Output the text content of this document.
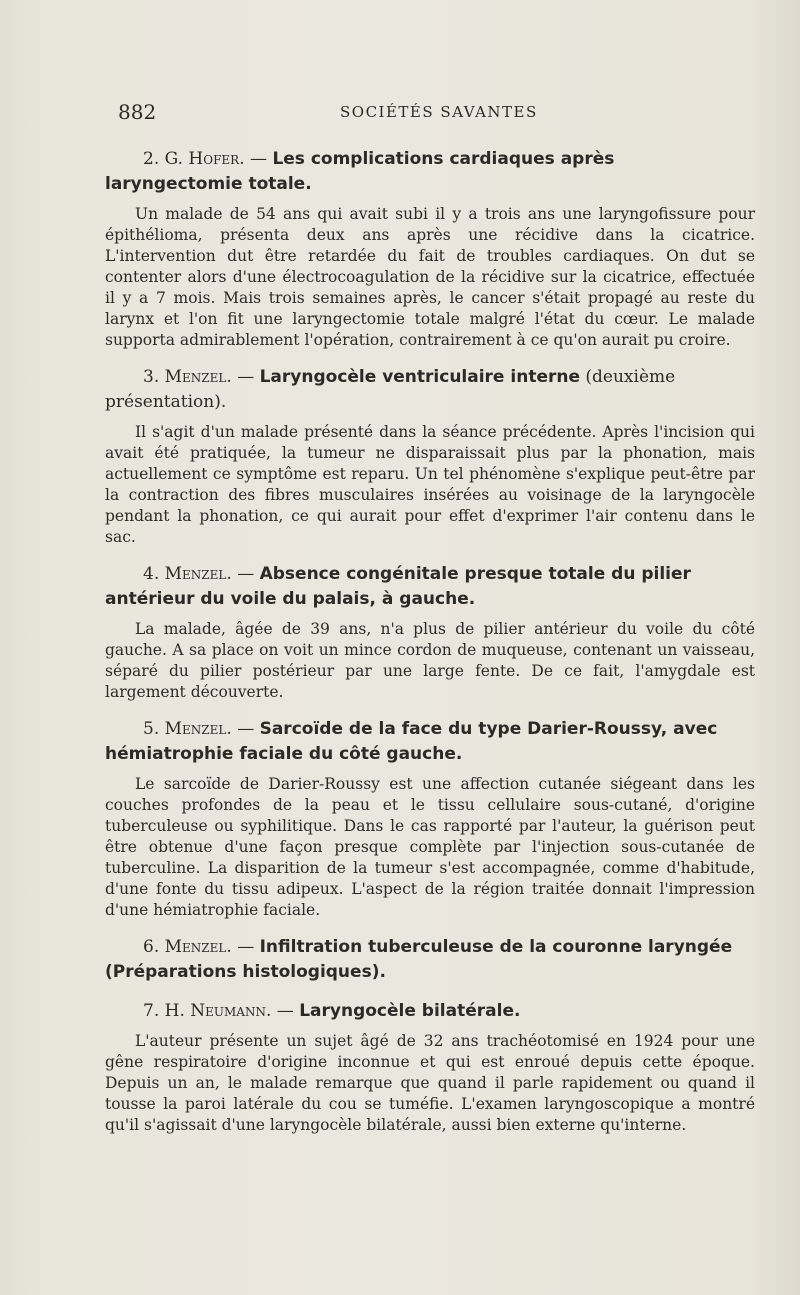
882	SOCIÉTÉS SAVANTES

2. G. Hofer. — Les complications cardiaques après laryngectomie totale.

Un malade de 54 ans qui avait subi il y a trois ans une laryngofissure pour épithélioma, présenta deux ans après une récidive dans la cicatrice. L'intervention dut être retardée du fait de troubles cardiaques. On dut se contenter alors d'une électrocoagulation de la récidive sur la cicatrice, effectuée il y a 7 mois. Mais trois semaines après, le cancer s'était propagé au reste du larynx et l'on fit une laryngectomie totale malgré l'état du cœur. Le malade supporta admirablement l'opération, contrairement à ce qu'on aurait pu croire.

3. Menzel. — Laryngocèle ventriculaire interne (deuxième présentation).

Il s'agit d'un malade présenté dans la séance précédente. Après l'incision qui avait été pratiquée, la tumeur ne disparaissait plus par la phonation, mais actuellement ce symptôme est reparu. Un tel phénomène s'explique peut-être par la contraction des fibres musculaires insérées au voisinage de la laryngocèle pendant la phonation, ce qui aurait pour effet d'exprimer l'air contenu dans le sac.

4. Menzel. — Absence congénitale presque totale du pilier antérieur du voile du palais, à gauche.

La malade, âgée de 39 ans, n'a plus de pilier antérieur du voile du côté gauche. A sa place on voit un mince cordon de muqueuse, contenant un vaisseau, séparé du pilier postérieur par une large fente. De ce fait, l'amygdale est largement découverte.

5. Menzel. — Sarcoïde de la face du type Darier-Roussy, avec hémiatrophie faciale du côté gauche.

Le sarcoïde de Darier-Roussy est une affection cutanée siégeant dans les couches profondes de la peau et le tissu cellulaire sous-cutané, d'origine tuberculeuse ou syphilitique. Dans le cas rapporté par l'auteur, la guérison peut être obtenue d'une façon presque complète par l'injection sous-cutanée de tuberculine. La disparition de la tumeur s'est accompagnée, comme d'habitude, d'une fonte du tissu adipeux. L'aspect de la région traitée donnait l'impression d'une hémiatrophie faciale.

6. Menzel. — Infiltration tuberculeuse de la couronne laryngée (Préparations histologiques).

7. H. Neumann. — Laryngocèle bilatérale.

L'auteur présente un sujet âgé de 32 ans trachéotomisé en 1924 pour une gêne respiratoire d'origine inconnue et qui est enroué depuis cette époque. Depuis un an, le malade remarque que quand il parle rapidement ou quand il tousse la paroi latérale du cou se tuméfie. L'examen laryngoscopique a montré qu'il s'agissait d'une laryngocèle bilatérale, aussi bien externe qu'interne.
